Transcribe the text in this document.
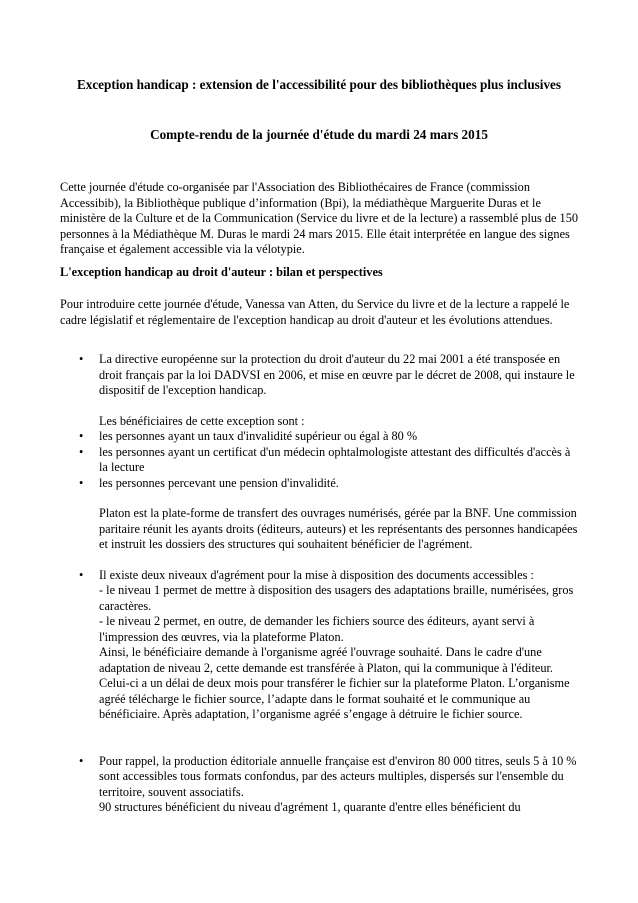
Exception handicap : extension de l'accessibilité pour des bibliothèques plus inclusives
Compte-rendu de la journée d'étude du mardi 24 mars 2015

Cette journée d'étude co-organisée par l'Association des Bibliothécaires de France (commission Accessibib), la Bibliothèque publique d’information (Bpi), la médiathèque Marguerite Duras et le ministère de la Culture et de la Communication (Service du livre et de la lecture) a rassemblé plus de 150 personnes à la Médiathèque M. Duras le mardi 24 mars 2015. Elle était interprétée en langue des signes française et également accessible via la vélotypie.

L'exception handicap au droit d'auteur : bilan et perspectives

Pour introduire cette journée d'étude, Vanessa van Atten, du Service du livre et de la lecture a rappelé le cadre législatif et réglementaire de l'exception handicap au droit d'auteur et les évolutions attendues.

• La directive européenne sur la protection du droit d'auteur du 22 mai 2001 a été transposée en droit français par la loi DADVSI en 2006, et mise en œuvre par le décret de 2008, qui instaure le dispositif de l'exception handicap.

Les bénéficiaires de cette exception sont :

• les personnes ayant un taux d'invalidité supérieur ou égal à 80 %

• les personnes ayant un certificat d'un médecin ophtalmologiste attestant des difficultés d'accès à la lecture

• les personnes percevant une pension d'invalidité.

Platon est la plate-forme de transfert des ouvrages numérisés, gérée par la BNF. Une commission paritaire réunit les ayants droits (éditeurs, auteurs) et les représentants des personnes handicapées et instruit les dossiers des structures qui souhaitent bénéficier de l'agrément.

• Il existe deux niveaux d'agrément pour la mise à disposition des documents accessibles :

- le niveau 1 permet de mettre à disposition des usagers des adaptations braille, numérisées, gros caractères.

- le niveau 2 permet, en outre, de demander les fichiers source des éditeurs, ayant servi à l'impression des œuvres, via la plateforme Platon.

Ainsi, le bénéficiaire demande à l'organisme agréé l'ouvrage souhaité. Dans le cadre d'une adaptation de niveau 2, cette demande est transférée à Platon, qui la communique à l'éditeur. Celui-ci a un délai de deux mois pour transférer le fichier sur la plateforme Platon. L’organisme agréé télécharge le fichier source, l’adapte dans le format souhaité et le communique au bénéficiaire. Après adaptation, l’organisme agréé s’engage à détruire le fichier source.

• Pour rappel, la production éditoriale annuelle française est d'environ 80 000 titres, seuls 5 à 10 % sont accessibles tous formats confondus, par des acteurs multiples, dispersés sur l'ensemble du territoire, souvent associatifs.

90 structures bénéficient du niveau d'agrément 1, quarante d'entre elles bénéficient du
